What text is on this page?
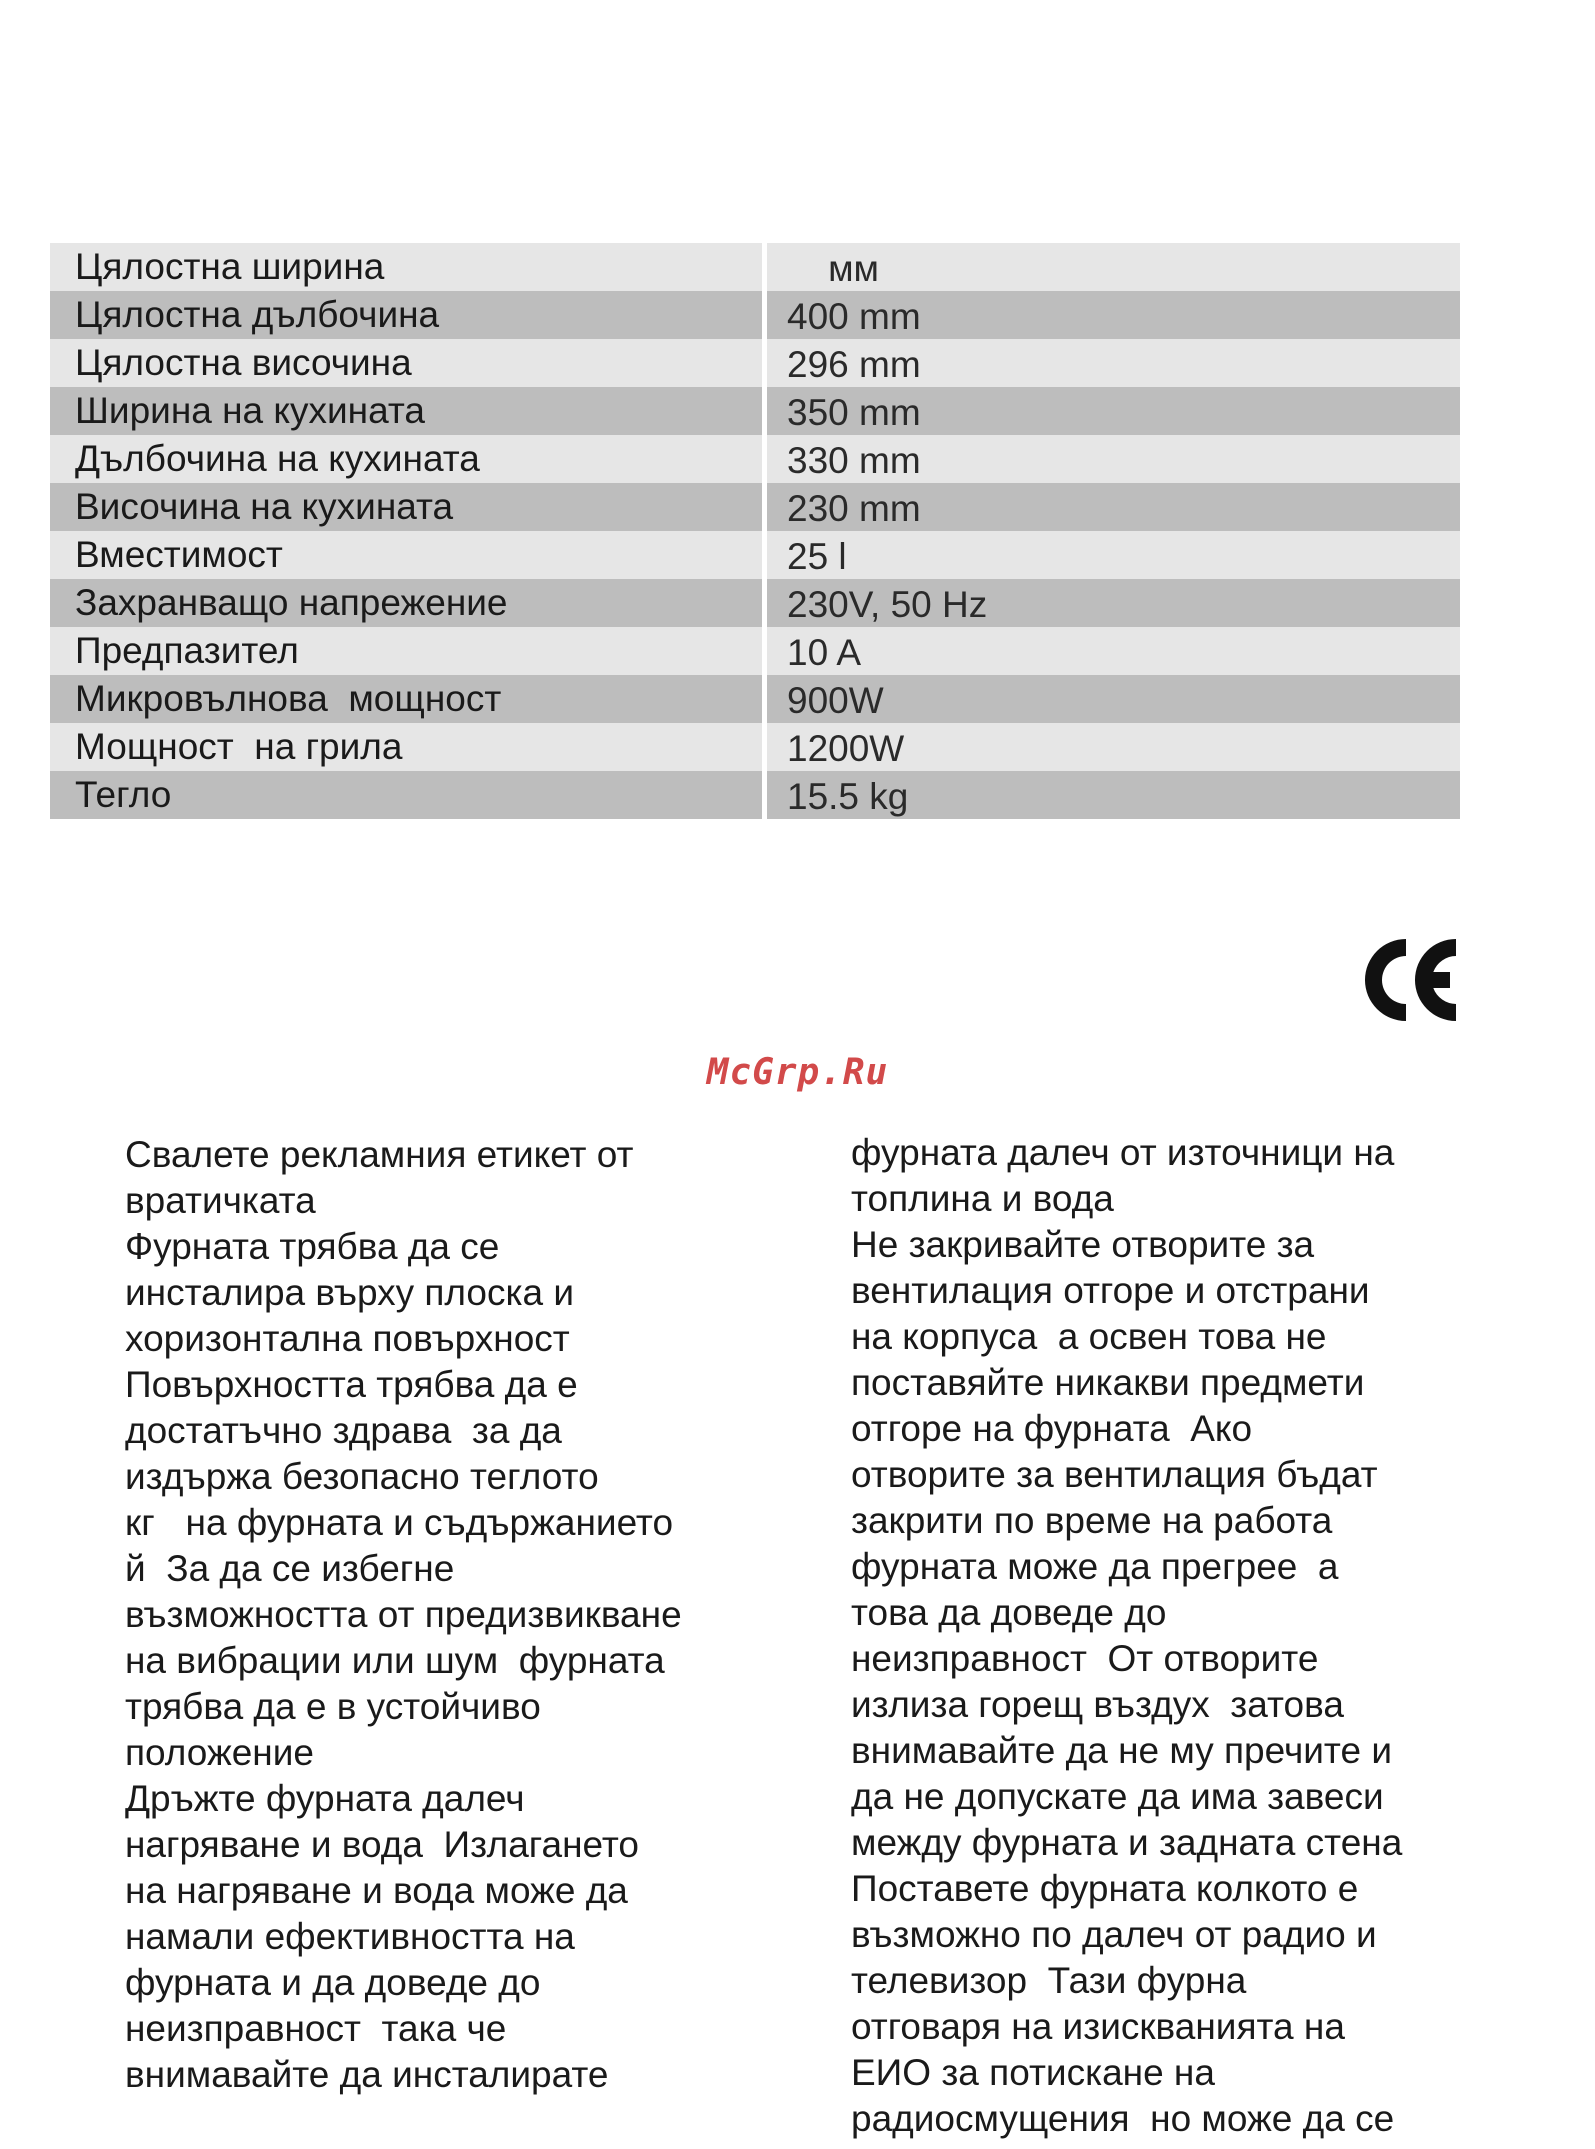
Цялостна ширина	мм
Цялостна дълбочина	400 mm
Цялостна височина	296 mm
Ширина на кухината	350 mm
Дълбочина на кухината	330 mm
Височина на кухината	230 mm
Вместимост	25 l
Захранващо напрежение	230V, 50 Hz
Предпазител	10 A
Микровълнова  мощност	900W
Мощност  на грила	1200W
Тегло	15.5 kg
McGrp.Ru
Свалете рекламния етикет от
вратичката
Фурната трябва да се
инсталира върху плоска и
хоризонтална повърхност
Повърхността трябва да е
достатъчно здрава  за да
издържа безопасно теглото
кг   на фурната и съдържанието
й  За да се избегне
възможността от предизвикване
на вибрации или шум  фурната
трябва да е в устойчиво
положение
Дръжте фурната далеч
нагряване и вода  Излагането
на нагряване и вода може да
намали ефективността на
фурната и да доведе до
неизправност  така че
внимавайте да инсталирате
фурната далеч от източници на
топлина и вода
Не закривайте отворите за
вентилация отгоре и отстрани
на корпуса  а освен това не
поставяйте никакви предмети
отгоре на фурната  Ако
отворите за вентилация бъдат
закрити по време на работа
фурната може да прегрее  а
това да доведе до
неизправност  От отворите
излиза горещ въздух  затова
внимавайте да не му пречите и
да не допускате да има завеси
между фурната и задната стена
Поставете фурната колкото е
възможно по далеч от радио и
телевизор  Тази фурна
отговаря на изискванията на
ЕИО за потискане на
радиосмущения  но може да се
